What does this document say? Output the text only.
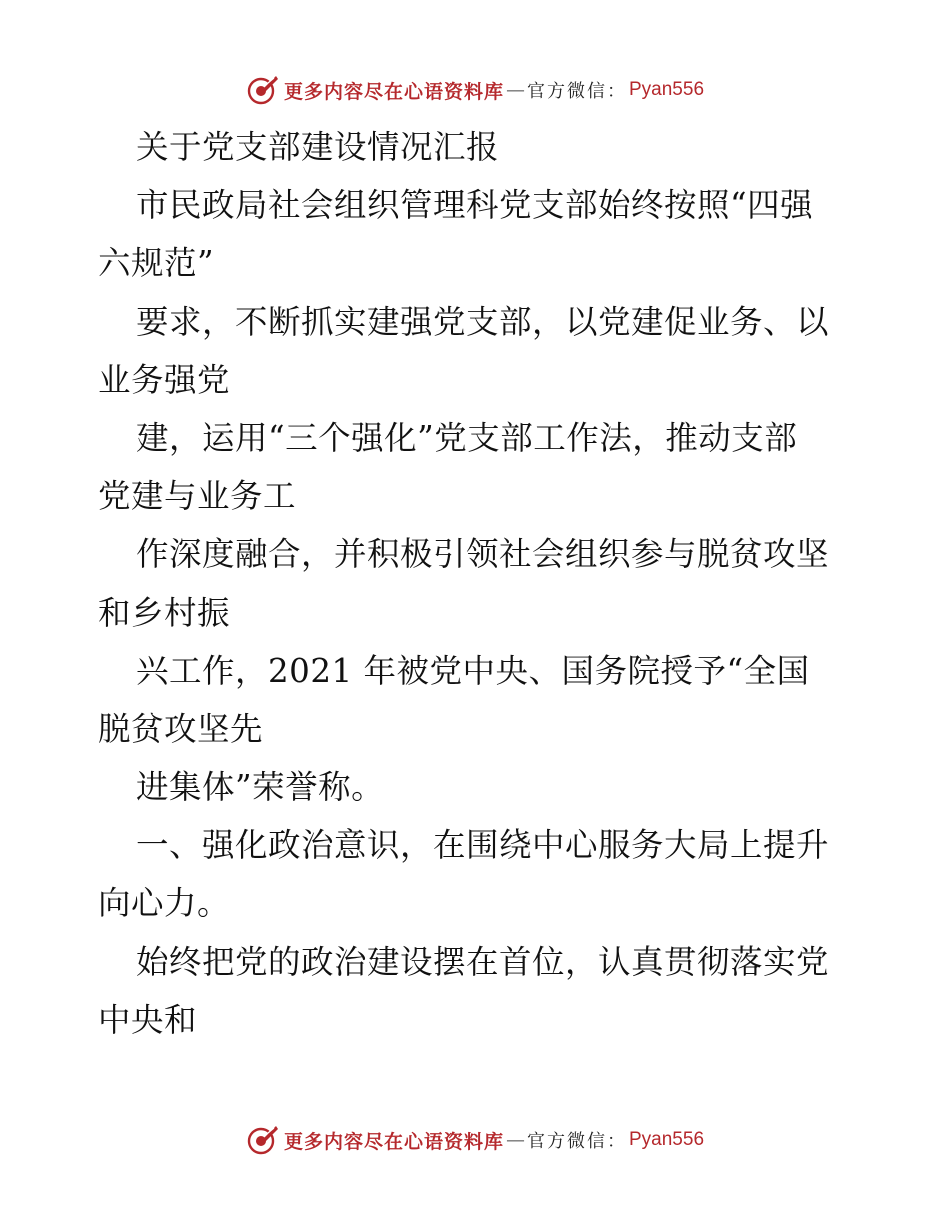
更多内容尽在心语资料库 — 官方微信： Pyan556
关于党支部建设情况汇报
市民政局社会组织管理科党支部始终按照“四强
六规范”
要求，不断抓实建强党支部，以党建促业务、以
业务强党
建，运用“三个强化”党支部工作法，推动支部
党建与业务工
作深度融合，并积极引领社会组织参与脱贫攻坚
和乡村振
兴工作，2021 年被党中央、国务院授予“全国
脱贫攻坚先
进集体”荣誉称。
一、强化政治意识，在围绕中心服务大局上提升
向心力。
始终把党的政治建设摆在首位，认真贯彻落实党
中央和
更多内容尽在心语资料库 — 官方微信： Pyan556
